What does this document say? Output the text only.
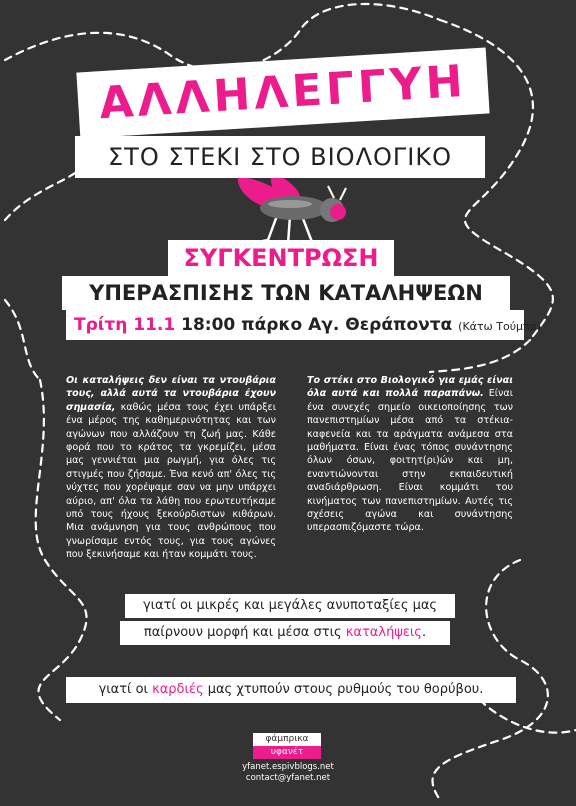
ΑΛΛΗΛΕΓΓΥΗ
ΣΤΟ ΣΤΕΚΙ ΣΤΟ ΒΙΟΛΟΓΙΚΟ
ΣΥΓΚΕΝΤΡΩΣΗ
ΥΠΕΡΑΣΠΙΣΗΣ ΤΩΝ ΚΑΤΑΛΗΨΕΩΝ
Τρίτη 11.1 18:00 πάρκο Αγ. Θεράποντα (Κάτω Τούμπα)
Οι καταλήψεις δεν είναι τα ντουβάρια τους, αλλά αυτά τα ντουβάρια έχουν σημασία, καθώς μέσα τους έχει υπάρξει ένα μέρος της καθημερινότητας και των αγώνων που αλλάζουν τη ζωή μας. Κάθε φορά που το κράτος τα γκρεμίζει, μέσα μας γεννιέται μια ρωγμή, για όλες τις στιγμές που ζήσαμε. Ένα κενό απ' όλες τις νύχτες που χορέψαμε σαν να μην υπάρχει αύριο, απ' όλα τα λάθη που ερωτευτήκαμε υπό τους ήχους ξεκούρδιστων κιθάρων. Μια ανάμνηση για τους ανθρώπους που γνωρίσαμε εντός τους, για τους αγώνες που ξεκινήσαμε και ήταν κομμάτι τους.
Το στέκι στο Βιολογικό για εμάς είναι όλα αυτά και πολλά παραπάνω. Είναι ένα συνεχές σημείο οικειοποίησης των πανεπιστημίων μέσα από τα στέκια-καφενεία και τα αράγματα ανάμεσα στα μαθήματα. Είναι ένας τόπος συνάντησης όλων όσων, φοιτητ(ρι)ών και μη, εναντιώνονται στην εκπαιδευτική αναδιάρθρωση. Είναι κομμάτι του κινήματος των πανεπιστημίων. Αυτές τις σχέσεις αγώνα και συνάντησης υπερασπιζόμαστε τώρα.
γιατί οι μικρές και μεγάλες ανυποταξίες μας
παίρνουν μορφή και μέσα στις καταλήψεις.
γιατί οι καρδιές μας χτυπούν στους ρυθμούς του θορύβου.
φάμπρικα
υφανέτ
yfanet.espivblogs.net
contact@yfanet.net
